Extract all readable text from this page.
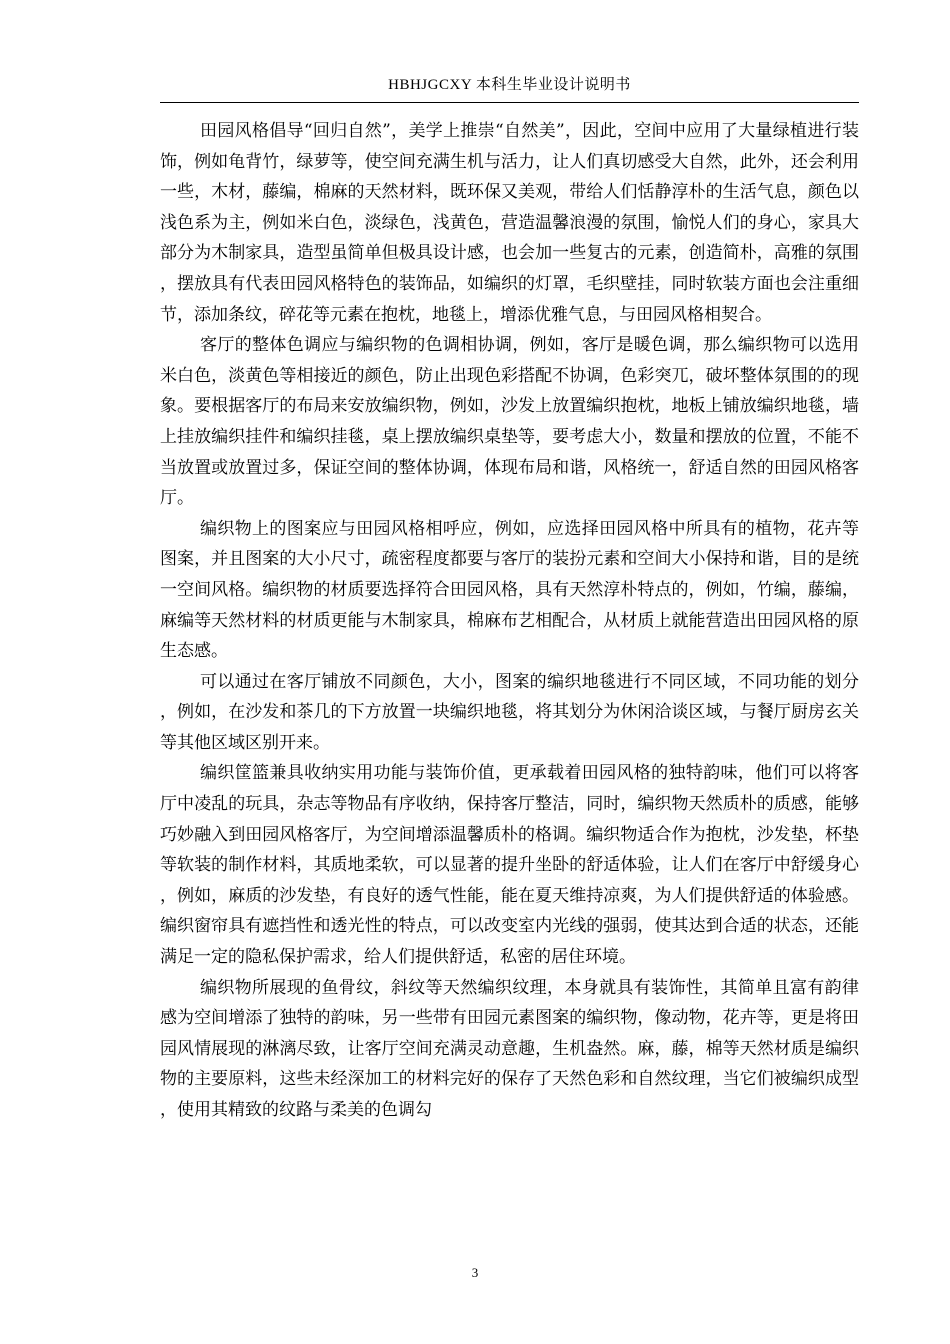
HBHJGCXY 本科生毕业设计说明书

田园风格倡导“回归自然”，美学上推崇“自然美”，因此，空间中应用了大量绿植进行装饰，例如龟背竹，绿萝等，使空间充满生机与活力，让人们真切感受大自然，此外，还会利用一些，木材，藤编，棉麻的天然材料，既环保又美观，带给人们恬静淳朴的生活气息，颜色以浅色系为主，例如米白色，淡绿色，浅黄色，营造温馨浪漫的氛围，愉悦人们的身心，家具大部分为木制家具，造型虽简单但极具设计感，也会加一些复古的元素，创造简朴，高雅的氛围，摆放具有代表田园风格特色的装饰品，如编织的灯罩，毛织壁挂，同时软装方面也会注重细节，添加条纹，碎花等元素在抱枕，地毯上，增添优雅气息，与田园风格相契合。

客厅的整体色调应与编织物的色调相协调，例如，客厅是暖色调，那么编织物可以选用米白色，淡黄色等相接近的颜色，防止出现色彩搭配不协调，色彩突兀，破坏整体氛围的的现象。要根据客厅的布局来安放编织物，例如，沙发上放置编织抱枕，地板上铺放编织地毯，墙上挂放编织挂件和编织挂毯，桌上摆放编织桌垫等，要考虑大小，数量和摆放的位置，不能不当放置或放置过多，保证空间的整体协调，体现布局和谐，风格统一，舒适自然的田园风格客厅。

编织物上的图案应与田园风格相呼应，例如，应选择田园风格中所具有的植物，花卉等图案，并且图案的大小尺寸，疏密程度都要与客厅的装扮元素和空间大小保持和谐，目的是统一空间风格。编织物的材质要选择符合田园风格，具有天然淳朴特点的，例如，竹编，藤编，麻编等天然材料的材质更能与木制家具，棉麻布艺相配合，从材质上就能营造出田园风格的原生态感。

可以通过在客厅铺放不同颜色，大小，图案的编织地毯进行不同区域，不同功能的划分，例如，在沙发和茶几的下方放置一块编织地毯，将其划分为休闲洽谈区域，与餐厅厨房玄关等其他区域区别开来。

编织筐篮兼具收纳实用功能与装饰价值，更承载着田园风格的独特韵味，他们可以将客厅中凌乱的玩具，杂志等物品有序收纳，保持客厅整洁，同时，编织物天然质朴的质感，能够巧妙融入到田园风格客厅，为空间增添温馨质朴的格调。编织物适合作为抱枕，沙发垫，杯垫等软装的制作材料，其质地柔软，可以显著的提升坐卧的舒适体验，让人们在客厅中舒缓身心，例如，麻质的沙发垫，有良好的透气性能，能在夏天维持凉爽，为人们提供舒适的体验感。编织窗帘具有遮挡性和透光性的特点，可以改变室内光线的强弱，使其达到合适的状态，还能满足一定的隐私保护需求，给人们提供舒适，私密的居住环境。

编织物所展现的鱼骨纹，斜纹等天然编织纹理，本身就具有装饰性，其简单且富有韵律感为空间增添了独特的韵味，另一些带有田园元素图案的编织物，像动物，花卉等，更是将田园风情展现的淋漓尽致，让客厅空间充满灵动意趣，生机盎然。麻，藤，棉等天然材质是编织物的主要原料，这些未经深加工的材料完好的保存了天然色彩和自然纹理，当它们被编织成型，使用其精致的纹路与柔美的色调勾

3
